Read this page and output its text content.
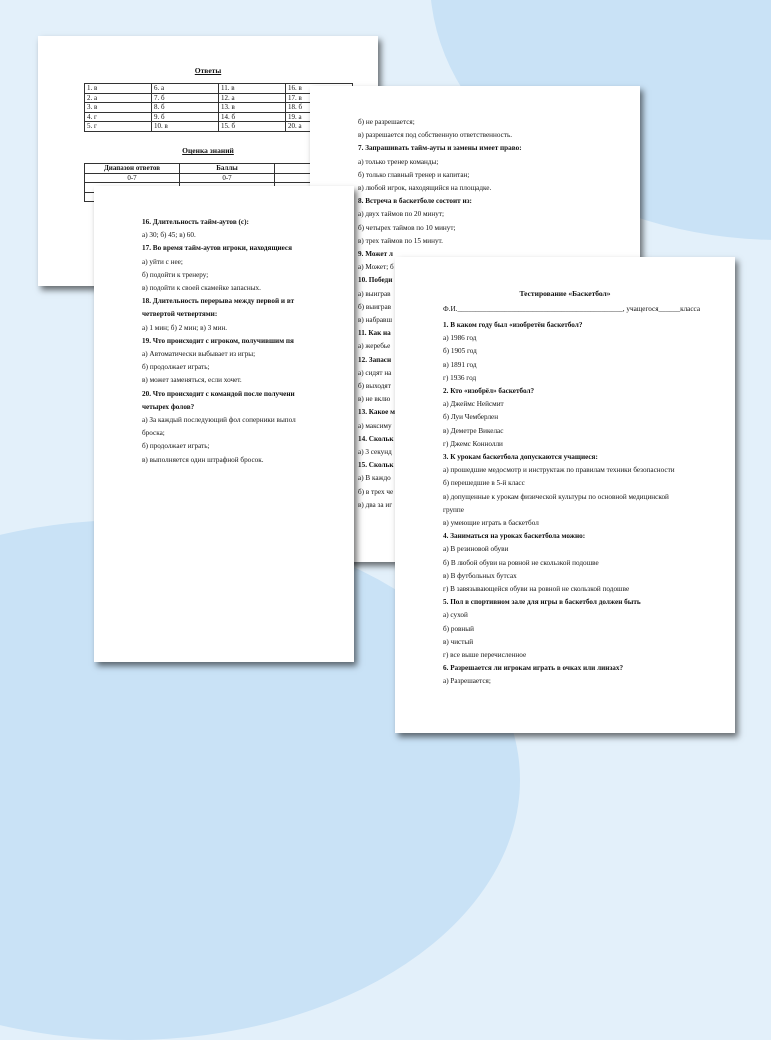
Ответы
1. в	6. а	11. в	16. в
2. а	7. б	12. а	17. в
3. в	8. б	13. в	18. б
4. г	9. б	14. б	19. а
5. г	10. в	15. б	20. а
Оценка знаний
Диапазон ответов	Баллы	
0-7	0-7	

б) не разрешается;
в) разрешается под собственную ответственность.
7. Запрашивать тайм-ауты и замены имеет право:
а) только тренер команды;
б) только главный тренер и капитан;
в) любой игрок, находящийся на площадке.
8. Встреча в баскетболе состоит из:
а) двух таймов по 20 минут;
б) четырех таймов по 10 минут;
в) трех таймов по 15 минут.
9. Может л
а) Может; б
10. Победи
а) выиграв
б) выиграв
в) набравш
11. Как на
а) жеребье
12. Запасн
а) сидят на
б) выходят
в) не вклю
13. Какое м
а) максиму
14. Скольк
а) 3 секунд
15. Скольк
а) В каждо
б) в трех че
в) два за иг
16. Длительность тайм-аутов (с):
а) 30; б) 45; в) 60.
17. Во время тайм-аутов игроки, находящиеся
а) уйти с нее;
б) подойти к тренеру;
в) подойти к своей скамейке запасных.
18. Длительность перерыва между первой и вт
четвертой четвертями:
а) 1 мин; б) 2 мин; в) 3 мин.
19. Что происходит с игроком, получившим пя
а) Автоматически выбывает из игры;
б) продолжает играть;
в) может заменяться, если хочет.
20. Что происходит с командой после получени
четырех фолов?
а) За каждый последующий фол соперники выпол
броска;
б) продолжает играть;
в) выполняется один штрафной бросок.
Тестирование «Баскетбол»
Ф.И.______________________________________________, учащегося______класса
1. В каком году был «изобретён баскетбол?
а) 1986 год
б) 1905 год
в) 1891 год
г) 1936 год
2. Кто «изобрёл» баскетбол?
а) Джеймс Нейсмит
б) Луи Чемберлен
в) Деметре Викелас
г) Джемс Коннолли
3. К урокам баскетбола допускаются учащиеся:
а) прошедшие медосмотр и инструктаж по правилам техники безопасности
б) перешедшие в 5-й класс
в) допущенные к урокам физической культуры по основной медицинской
группе
в) умеющие играть в баскетбол
4. Заниматься на уроках баскетбола можно:
а) В резиновой обуви
б) В любой обуви на ровной не скользкой подошве
в) В футбольных бутсах
г) В завязывающейся обуви на ровной не скользкой подошве
5. Пол в спортивном зале для игры в баскетбол должен быть
а) сухой
б) ровный
в) чистый
г) все выше перечисленное
6. Разрешается ли игрокам играть в очках или линзах?
а) Разрешается;
